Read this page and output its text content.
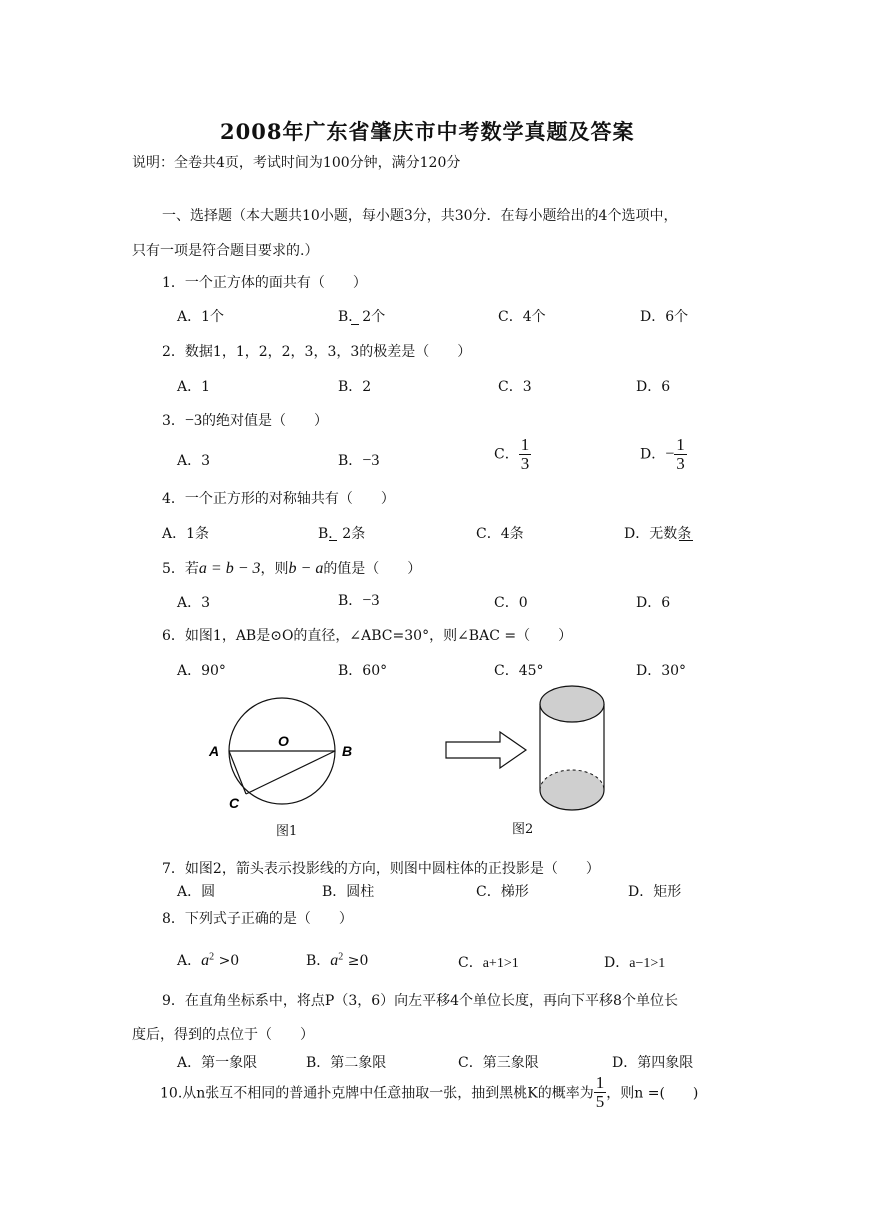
2008年广东省肇庆市中考数学真题及答案
说明：全卷共4页，考试时间为100分钟，满分120分
一、选择题（本大题共10小题，每小题3分，共30分．在每小题给出的4个选项中，
只有一项是符合题目要求的.）
1．一个正方体的面共有（　　）
A．1个	B．2个	C．4个	D．6个
2．数据1，1，2，2，3，3，3的极差是（　　）
A．1	B．2	C．3	D．6
3．−3的绝对值是（　　）
A．3	B．−3	C． $\frac{1}{3}$	D．− $\frac{1}{3}$
4．一个正方形的对称轴共有（　　）
A．1条	B．2条	C．4条	D．无数条
5．若a = b − 3，则b − a的值是（　　）
A．3	B．−3	C．0	D．6
6．如图1，AB是⊙O的直径，∠ABC=30°，则∠BAC =（　　）
A．90°	B．60°	C．45°	D．30°
A
O
B
C
图1	图2
7．如图2，箭头表示投影线的方向，则图中圆柱体的正投影是（　　）
A．圆	B．圆柱	C．梯形	D．矩形
8．下列式子正确的是（　　）
A．$a^2 >0$	B．$a^2 \ge 0$	C．a+1>1	D．a−1>1
9．在直角坐标系中，将点P（3，6）向左平移4个单位长度，再向下平移8个单位长
度后，得到的点位于（　　）
A．第一象限	B．第二象限	C．第三象限	D．第四象限
10.从n张互不相同的普通扑克牌中任意抽取一张，抽到黑桃K的概率为 $\frac{1}{5}$ ，则n =(　　)
